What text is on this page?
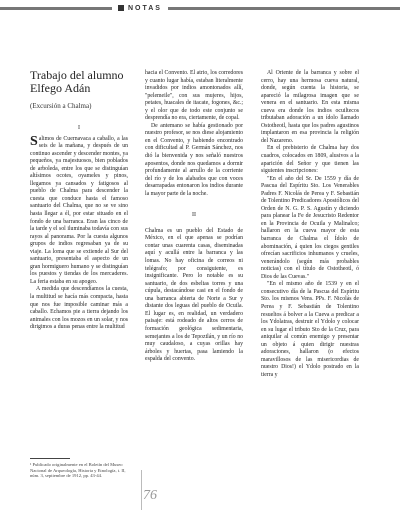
NOTAS
Trabajo del alumno Elfego Adán
(Excursión a Chalma)
I

Salimos de Cuernavaca a caballo, a las seis de la mañana, y después de un continuo ascender y descender montes, ya pequeños, ya majestuosos, bien poblados de arboleda, entre los que se distinguían altísimos ocotes, oyameles y pinos, llegamos ya cansados y fatigosos al pueblo de Chalma para descender la cuesta que conduce hasta el famoso santuario del Chalma, que no se ve sino hasta llegar a él, por estar situado en el fondo de una barranca. Eran las cinco de la tarde y el sol iluminaba todavía con sus rayos al panorama. Por la cuesta algunos grupos de indios regresaban ya de su viaje. La loma que se extiende al Sur del santuario, presentaba el aspecto de un gran hormiguero humano y se distinguían los puestos y tiendas de los mercaderes. La feria estaba en su apogeo.

A medida que descendíamos la cuesta, la multitud se hacía más compacta, hasta que nos fue imposible caminar más a caballo. Echamos pie a tierra dejando los animales con los mozos en un solar, y nos dirigimos a duras penas entre la multitud

¹ Publicado originalmente en el Boletín del Museo Nacional de Arqueología, Historia y Etnología, t. II, núm. 3, septiembre de 1912, pp. 43-44.

hacia el Convento. El atrio, los corredores y cuanto lugar había, estaban literalmente invadidos por indios amontonados allí, "pelemeile", con sus mujeres, hijos, petates, huacales de itacate, fogones, &c.; y el olor que de todo este conjunto se desprendía no era, ciertamente, de copal.

De antemano se había gestionado por nuestro profesor, se nos diese alojamiento en el Convento, y habiendo encontrado con dificultad al P. Germán Sánchez, nos dió la bienvenida y nos señaló nuestros aposentos, donde nos quedamos a dormir profundamente al arrullo de la corriente del río y de los alabados que con voces desarrapadas entonaron los indios durante la mayor parte de la noche.

II

Chalma es un pueblo del Estado de México, en el que apenas se podrían contar unas cuarenta casas, diseminadas aquí y acullá entre la barranca y las lomas. No hay oficina de correos ni telégrafo; por consiguiente, es insignificante. Pero lo notable es su santuario, de dos esbeltas torres y una cúpula, destacándose casi en el fondo de una barranca abierta de Norte a Sur y distante dos leguas del pueblo de Ocuila. El lugar es, en realidad, un verdadero paisaje: está rodeado de altos cerros de formación geológica sedimentaria, semejantes a los de Tepoztlán, y un río no muy caudaloso, a cuyas orillas hay árboles y huertas, pasa lamiendo la espalda del convento.

Al Oriente de la barranca y sobre el cerro, hay una hermosa cueva natural, donde, según cuenta la historia, se apareció la milagrosa imagen que se venera en el santuario. En esta misma cueva era donde los indios ocuiltecos tributaban adoración a un ídolo llamado Ostotheotl, hasta que los padres agustinos implantaron en esa provincia la religión del Nazareno.

En el prebisterio de Chalma hay dos cuadros, colocados en 1809, alusivos a la aparición del Señor y que tienen las siguientes inscripciones:

"En el año del Sr. De 1559 y día de Pascua del Espíritu Sto. Los Venerables Padres F. Nicolás de Perea y F. Sebastián de Tolentino Predicadores Apostólicos del Orden de N. G. P. S. Agustín y diciendo para planear la Fe de Jesucristo Redentor en la Provincia de Ocuila y Malinalco; hallaron en la cueva mayor de esta barranca de Chalma el Ídolo de abominación, á quien los ciegos gentiles ofrecían sacrificios inhumanos y crueles, venerándolo (según más probables noticias) con el título de Ostotheotl, ó Dios de las Cuevas."

"En el mismo año de 1539 y en el consecutivo día de la Pascua del Espíritu Sto. los mismos Vens. PPs. F. Nicolás de Perea y F. Sebastián de Tolentino resueltos á bolver a la Cueva a predicar a los Ydolatras, destruir el Ydolo y colocar en su lugar el tributo Sto de la Cruz, para aniquilar al común enemigo y presentar un objeto á quien dirigir nuestras adoraciones, hallaron (o efectos maravillosos de las misericordias de nuestro Dios!) el Ydolo postrado en la tierra y

76
